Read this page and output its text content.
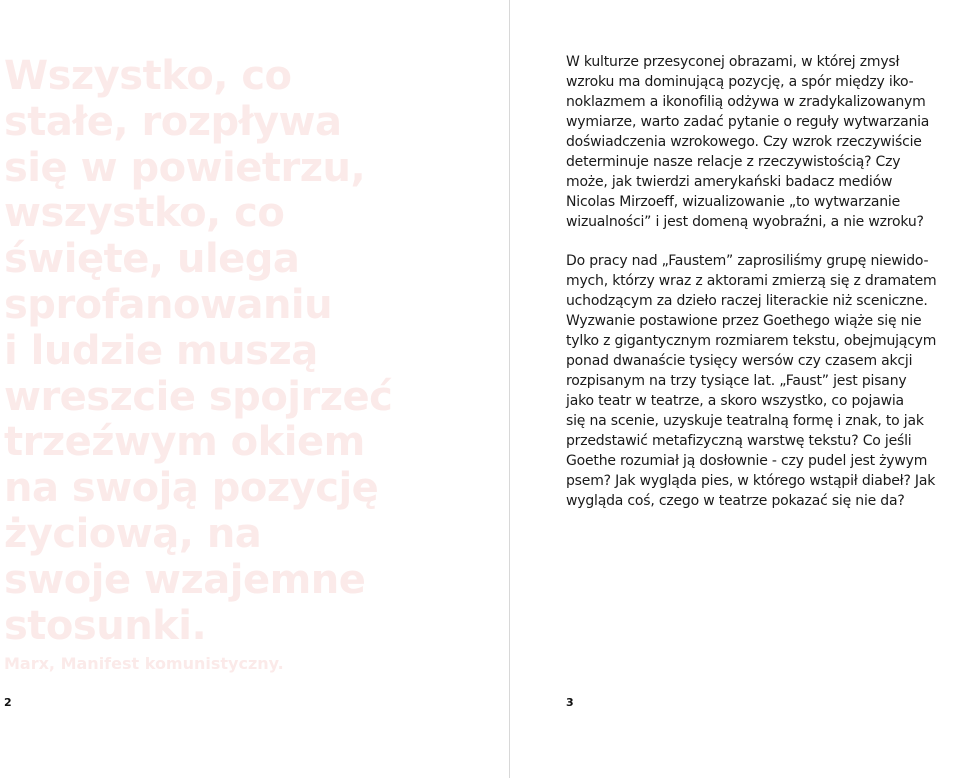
Wszystko, co
stałe, rozpływa
się w powietrzu,
wszystko, co
święte, ulega
sprofanowaniu
i ludzie muszą
wreszcie spojrzeć
trzeźwym okiem
na swoją pozycję
życiową, na
swoje wzajemne
stosunki.
Marx, Manifest komunistyczny.
2
W kulturze przesyconej obrazami, w której zmysł
wzroku ma dominującą pozycję, a spór między iko-
noklazmem a ikonofilią odżywa w zradykalizowanym
wymiarze, warto zadać pytanie o reguły wytwarzania
doświadczenia wzrokowego. Czy wzrok rzeczywiście
determinuje nasze relacje z rzeczywistością? Czy
może, jak twierdzi amerykański badacz mediów
Nicolas Mirzoeff, wizualizowanie „to wytwarzanie
wizualności” i jest domeną wyobraźni, a nie wzroku?
Do pracy nad „Faustem” zaprosiliśmy grupę niewido-
mych, którzy wraz z aktorami zmierzą się z dramatem
uchodzącym za dzieło raczej literackie niż sceniczne.
Wyzwanie postawione przez Goethego wiąże się nie
tylko z gigantycznym rozmiarem tekstu, obejmującym
ponad dwanaście tysięcy wersów czy czasem akcji
rozpisanym na trzy tysiące lat. „Faust” jest pisany
jako teatr w teatrze, a skoro wszystko, co pojawia
się na scenie, uzyskuje teatralną formę i znak, to jak
przedstawić metafizyczną warstwę tekstu? Co jeśli
Goethe rozumiał ją dosłownie - czy pudel jest żywym
psem? Jak wygląda pies, w którego wstąpił diabeł? Jak
wygląda coś, czego w teatrze pokazać się nie da?
3
